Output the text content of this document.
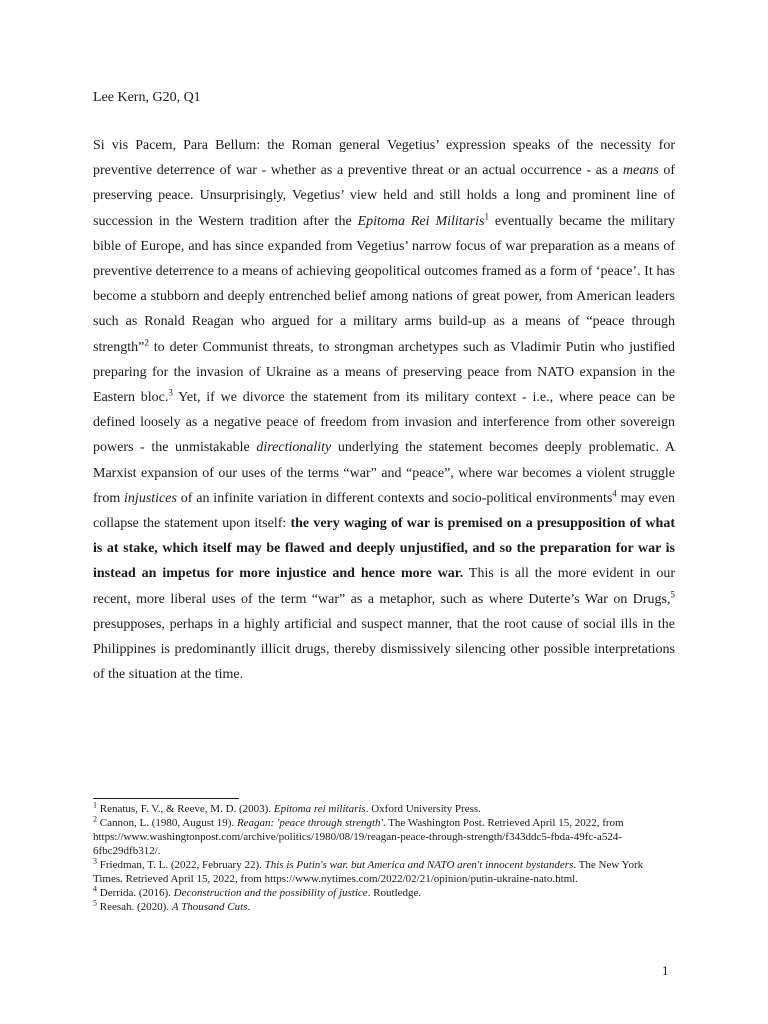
Lee Kern, G20, Q1

Si vis Pacem, Para Bellum: the Roman general Vegetius’ expression speaks of the necessity for preventive deterrence of war - whether as a preventive threat or an actual occurrence - as a means of preserving peace. Unsurprisingly, Vegetius’ view held and still holds a long and prominent line of succession in the Western tradition after the Epitoma Rei Militaris$^1$ eventually became the military bible of Europe, and has since expanded from Vegetius’ narrow focus of war preparation as a means of preventive deterrence to a means of achieving geopolitical outcomes framed as a form of ‘peace’. It has become a stubborn and deeply entrenched belief among nations of great power, from American leaders such as Ronald Reagan who argued for a military arms build-up as a means of “peace through strength”$^2$ to deter Communist threats, to strongman archetypes such as Vladimir Putin who justified preparing for the invasion of Ukraine as a means of preserving peace from NATO expansion in the Eastern bloc.$^3$ Yet, if we divorce the statement from its military context - i.e., where peace can be defined loosely as a negative peace of freedom from invasion and interference from other sovereign powers - the unmistakable directionality underlying the statement becomes deeply problematic. A Marxist expansion of our uses of the terms “war” and “peace”, where war becomes a violent struggle from injustices of an infinite variation in different contexts and socio-political environments$^4$ may even collapse the statement upon itself: the very waging of war is premised on a presupposition of what is at stake, which itself may be flawed and deeply unjustified, and so the preparation for war is instead an impetus for more injustice and hence more war. This is all the more evident in our recent, more liberal uses of the term “war” as a metaphor, such as where Duterte’s War on Drugs,$^5$ presupposes, perhaps in a highly artificial and suspect manner, that the root cause of social ills in the Philippines is predominantly illicit drugs, thereby dismissively silencing other possible interpretations of the situation at the time.

$^1$ Renatus, F. V., & Reeve, M. D. (2003). Epitoma rei militaris. Oxford University Press.

$^2$ Cannon, L. (1980, August 19). Reagan: 'peace through strength'. The Washington Post. Retrieved April 15, 2022, from https://www.washingtonpost.com/archive/politics/1980/08/19/reagan-peace-through-strength/f343ddc5-fbda-49fc-a524-6fbc29dfb312/.

$^3$ Friedman, T. L. (2022, February 22). This is Putin's war. but America and NATO aren't innocent bystanders. The New York Times. Retrieved April 15, 2022, from https://www.nytimes.com/2022/02/21/opinion/putin-ukraine-nato.html.

$^4$ Derrida. (2016). Deconstruction and the possibility of justice. Routledge.

$^5$ Reesah. (2020). A Thousand Cuts.

1
